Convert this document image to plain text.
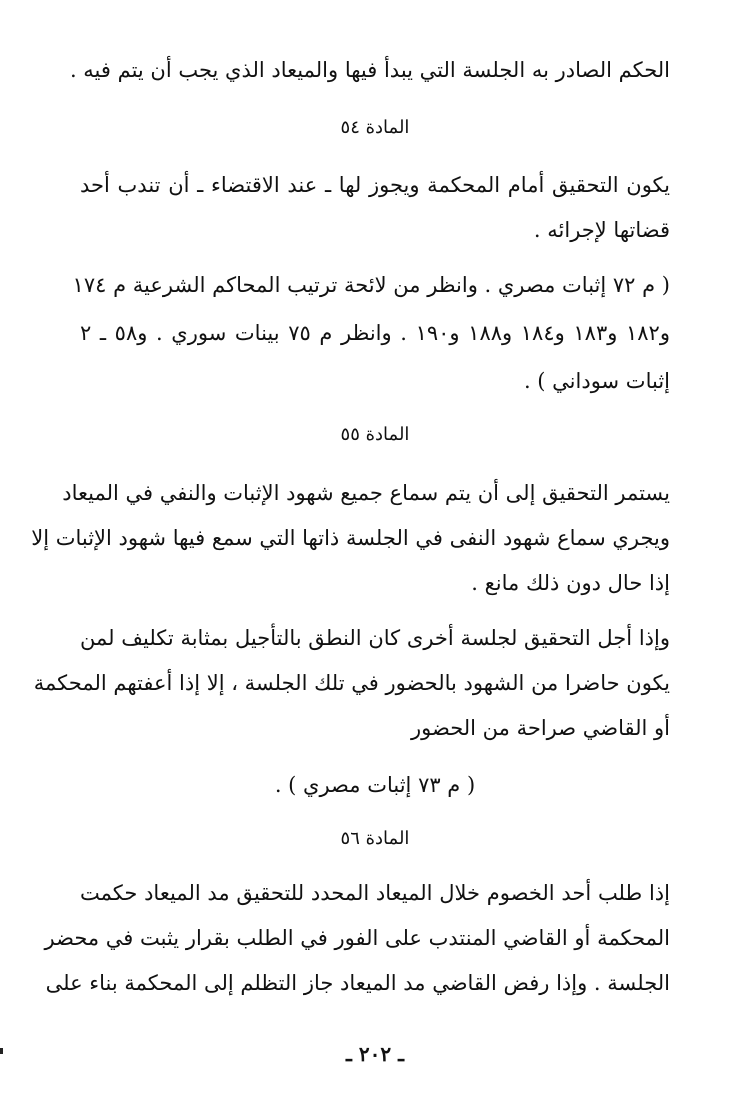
الحكم الصادر به الجلسة التي يبدأ فيها والميعاد الذي يجب أن يتم فيه .
المادة ٥٤
يكون التحقيق أمام المحكمة ويجوز لها ـ عند الاقتضاء ـ أن تندب أحد
قضاتها لإجرائه .
( م ٧٢ إثبات مصري . وانظر من لائحة ترتيب المحاكم الشرعية م ١٧٤
و١٨٢ و١٨٣ و١٨٤ و١٨٨ و١٩٠ . وانظر م ٧٥ بينات سوري . و٥٨ ـ ٢
إثبات سوداني ) .
المادة ٥٥
يستمر التحقيق إلى أن يتم سماع جميع شهود الإثبات والنفي في الميعاد
ويجري سماع شهود النفى في الجلسة ذاتها التي سمع فيها شهود الإثبات إلا
إذا حال دون ذلك مانع .
وإذا أجل التحقيق لجلسة أخرى كان النطق بالتأجيل بمثابة تكليف لمن
يكون حاضرا من الشهود بالحضور في تلك الجلسة ، إلا إذا أعفتهم المحكمة
أو القاضي صراحة من الحضور
( م ٧٣ إثبات مصري ) .
المادة ٥٦
إذا طلب أحد الخصوم خلال الميعاد المحدد للتحقيق مد الميعاد حكمت
المحكمة أو القاضي المنتدب على الفور في الطلب بقرار يثبت في محضر
الجلسة . وإذا رفض القاضي مد الميعاد جاز التظلم إلى المحكمة بناء على
ـ ٢٠٢ ـ
